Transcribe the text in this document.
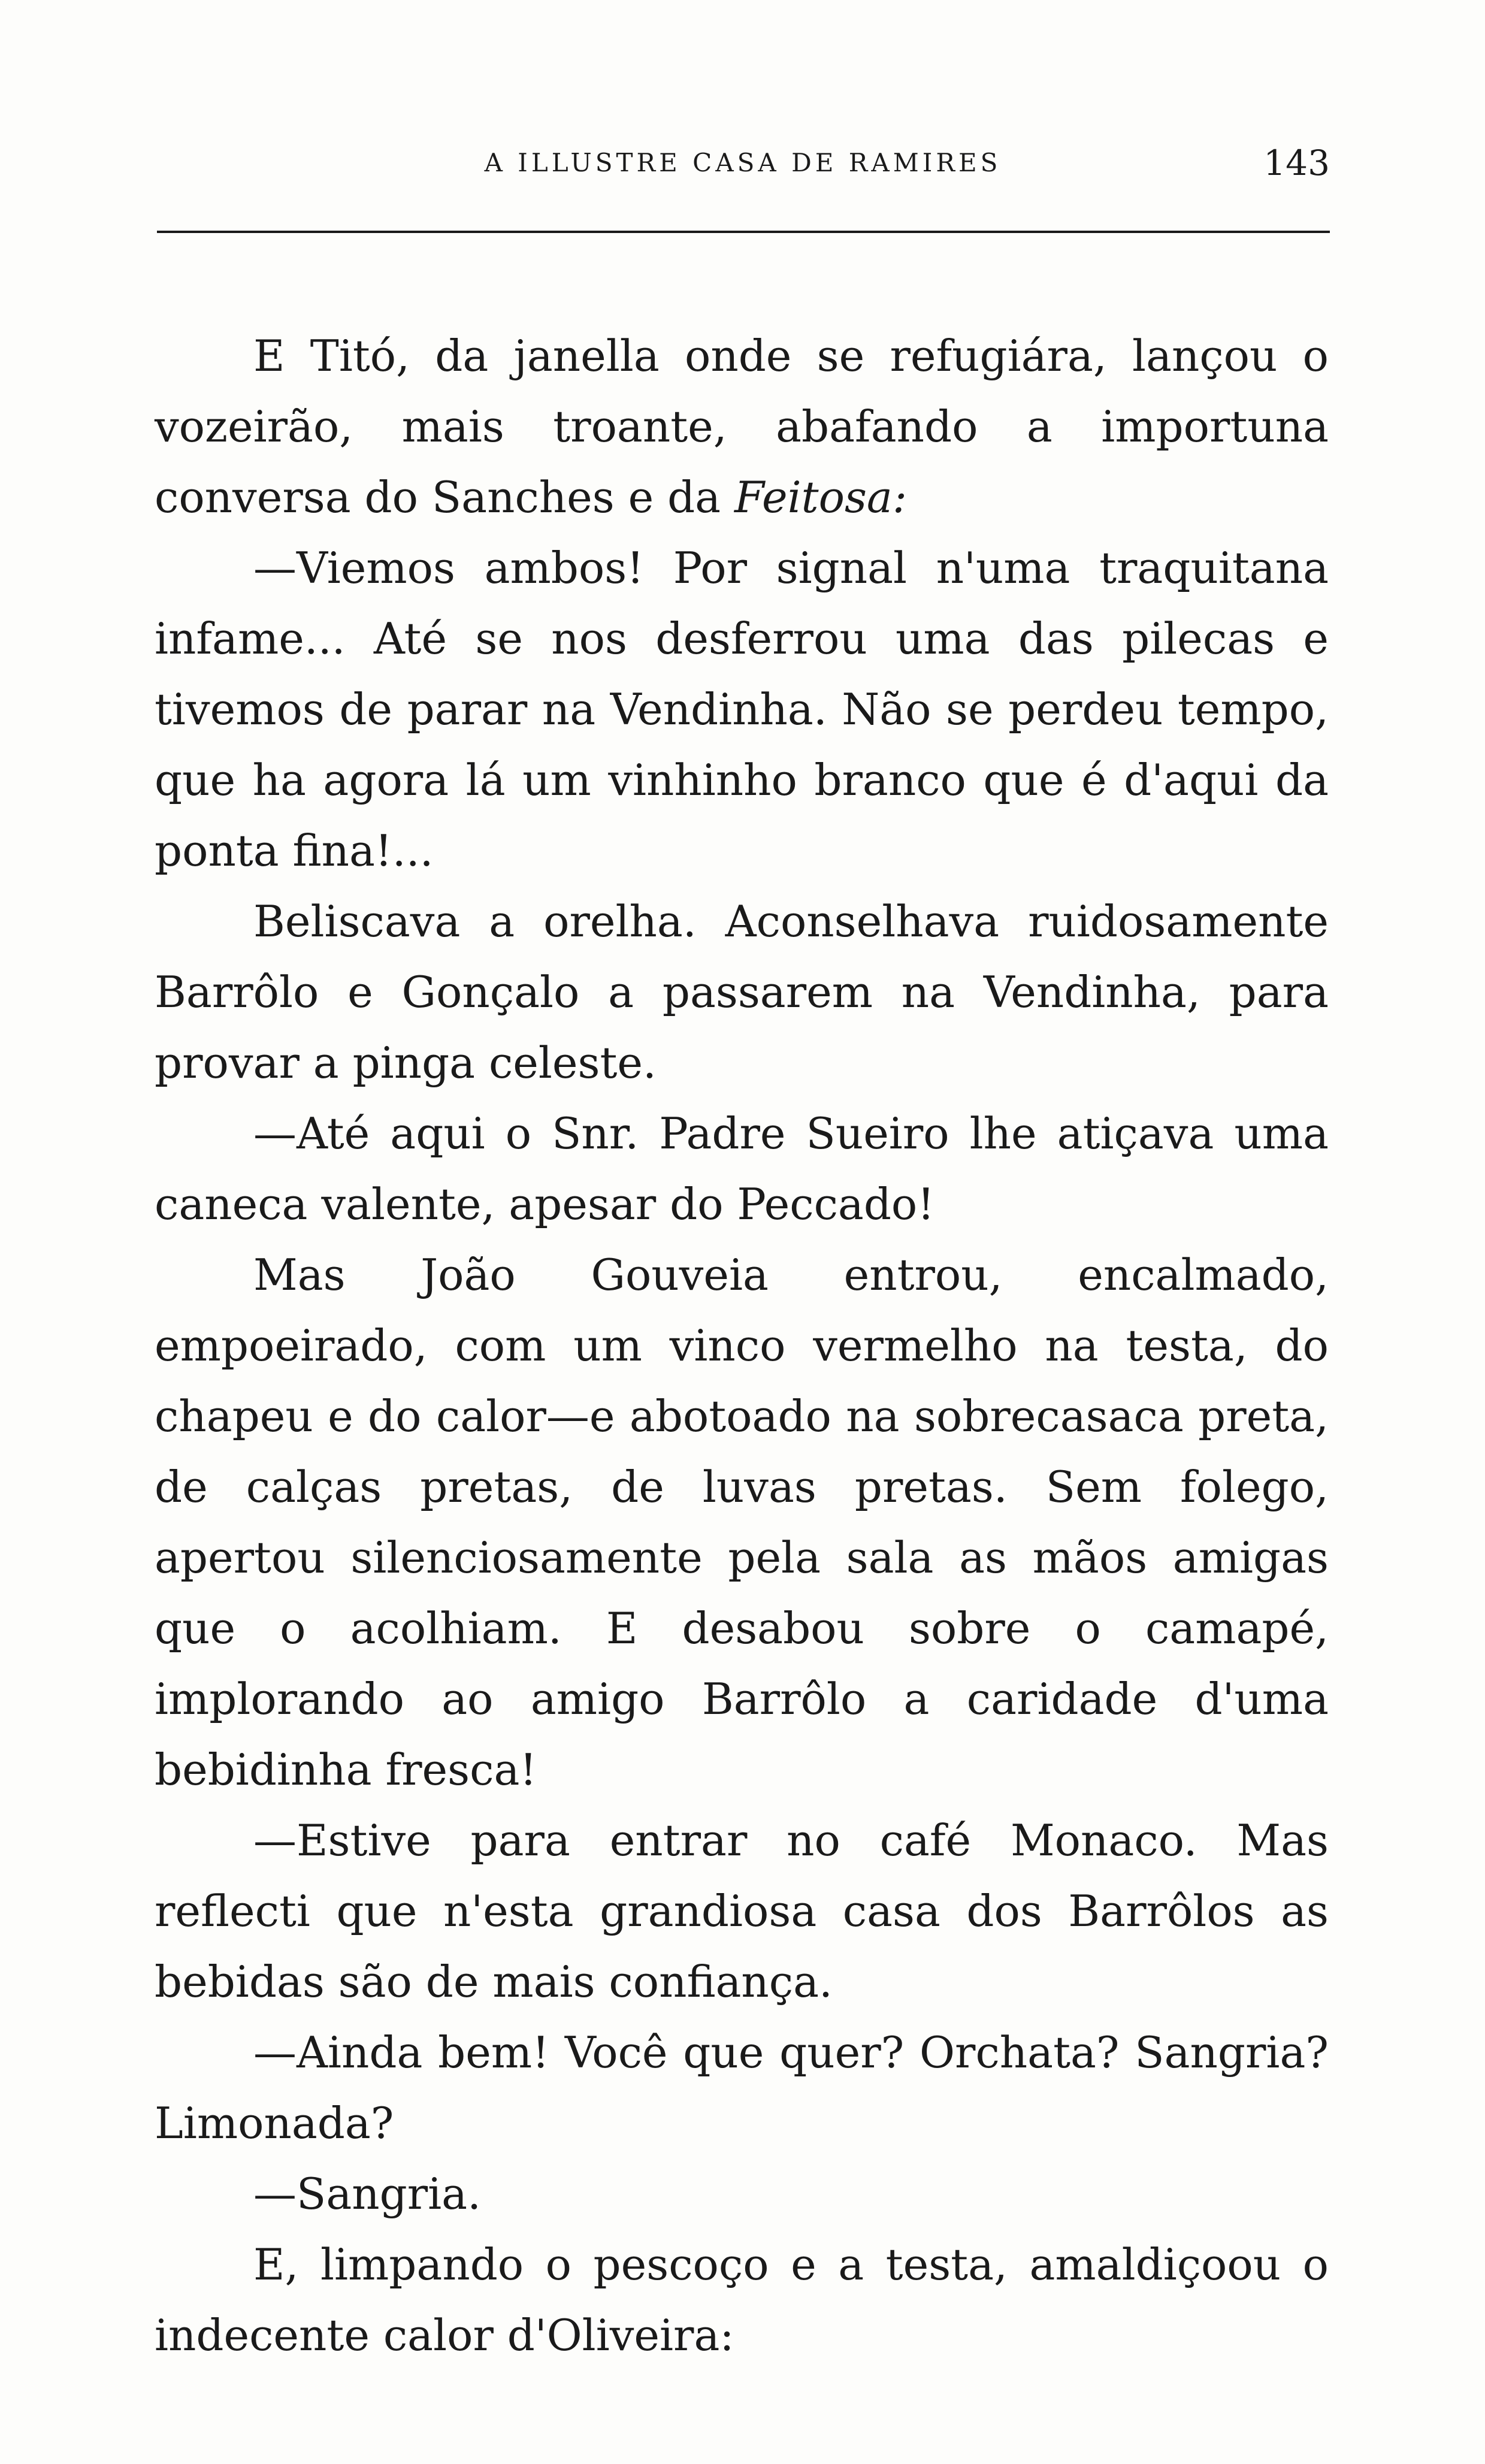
A ILLUSTRE CASA DE RAMIRES	143

E Titó, da janella onde se refugiára, lançou o vozeirão, mais troante, abafando a importuna conversa do Sanches e da Feitosa:

—Viemos ambos! Por signal n'uma traquitana infame... Até se nos desferrou uma das pilecas e tivemos de parar na Vendinha. Não se perdeu tempo, que ha agora lá um vinhinho branco que é d'aqui da ponta fina!...

Beliscava a orelha. Aconselhava ruidosamente Barrôlo e Gonçalo a passarem na Vendinha, para provar a pinga celeste.

—Até aqui o Snr. Padre Sueiro lhe atiçava uma caneca valente, apesar do Peccado!

Mas João Gouveia entrou, encalmado, empoeirado, com um vinco vermelho na testa, do chapeu e do calor—e abotoado na sobrecasaca preta, de calças pretas, de luvas pretas. Sem folego, apertou silenciosamente pela sala as mãos amigas que o acolhiam. E desabou sobre o camapé, implorando ao amigo Barrôlo a caridade d'uma bebidinha fresca!

—Estive para entrar no café Monaco. Mas reflecti que n'esta grandiosa casa dos Barrôlos as bebidas são de mais confiança.

—Ainda bem! Você que quer? Orchata? Sangria? Limonada?

—Sangria.

E, limpando o pescoço e a testa, amaldiçoou o indecente calor d'Oliveira:
